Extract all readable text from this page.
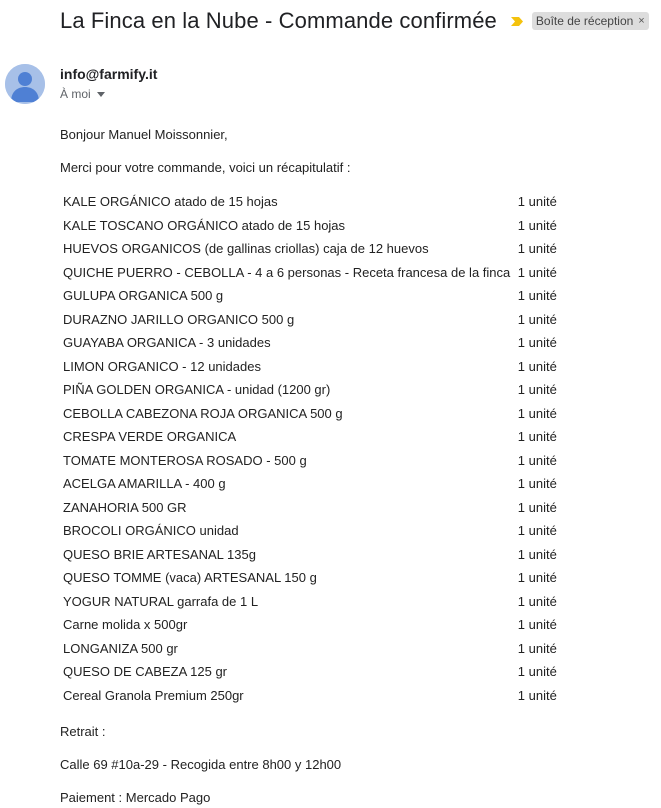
La Finca en la Nube - Commande confirmée	Boîte de réception ×
info@farmify.it
À moi
Bonjour Manuel Moissonnier,
Merci pour votre commande, voici un récapitulatif :
KALE ORGÁNICO atado de 15 hojas	1 unité
KALE TOSCANO ORGÁNICO atado de 15 hojas	1 unité
HUEVOS ORGANICOS (de gallinas criollas) caja de 12 huevos	1 unité
QUICHE PUERRO - CEBOLLA - 4 a 6 personas - Receta francesa de la finca	1 unité
GULUPA ORGANICA 500 g	1 unité
DURAZNO JARILLO ORGANICO 500 g	1 unité
GUAYABA ORGANICA - 3 unidades	1 unité
LIMON ORGANICO - 12 unidades	1 unité
PIÑA GOLDEN ORGANICA - unidad (1200 gr)	1 unité
CEBOLLA CABEZONA ROJA ORGANICA 500 g	1 unité
CRESPA VERDE ORGANICA	1 unité
TOMATE MONTEROSA ROSADO - 500 g	1 unité
ACELGA AMARILLA - 400 g	1 unité
ZANAHORIA 500 GR	1 unité
BROCOLI ORGÁNICO unidad	1 unité
QUESO BRIE ARTESANAL 135g	1 unité
QUESO TOMME (vaca) ARTESANAL 150 g	1 unité
YOGUR NATURAL garrafa de 1 L	1 unité
Carne molida x 500gr	1 unité
LONGANIZA 500 gr	1 unité
QUESO DE CABEZA 125 gr	1 unité
Cereal Granola Premium 250gr	1 unité
Retrait :
Calle 69 #10a-29 - Recogida entre 8h00 y 12h00
Paiement : Mercado Pago
